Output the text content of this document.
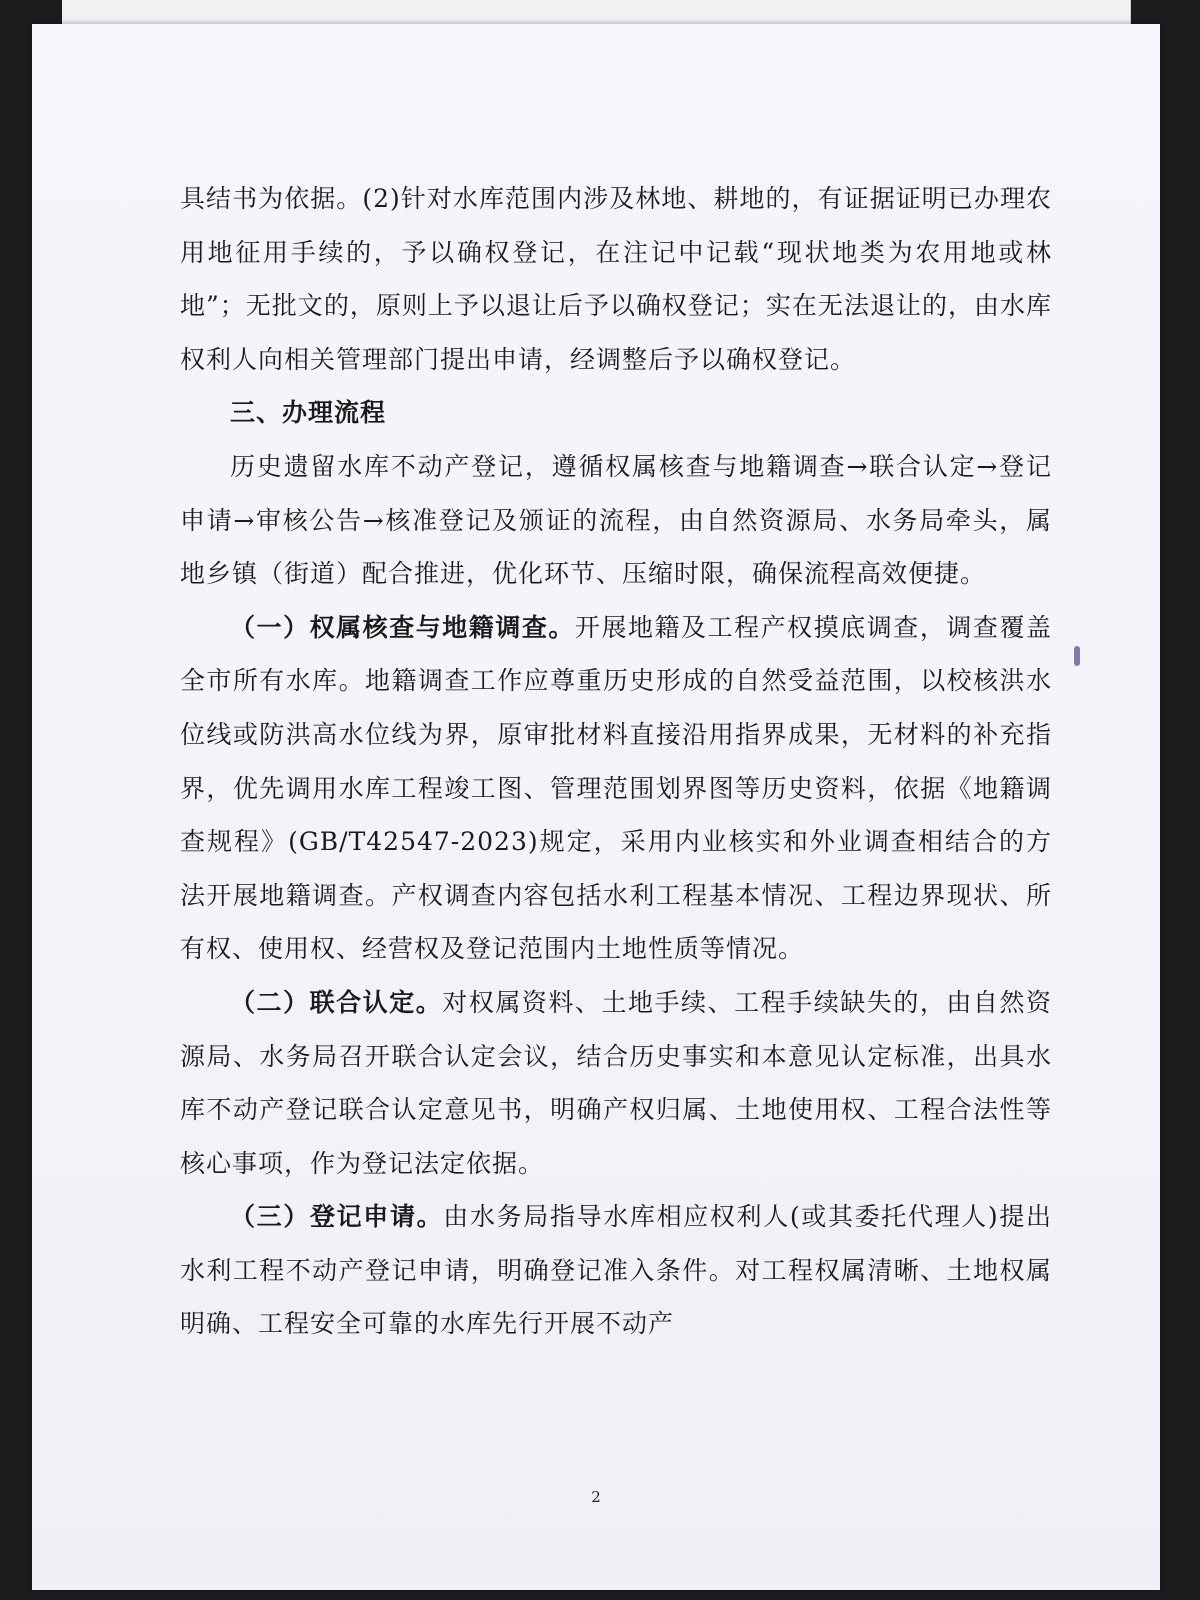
具结书为依据。(2)针对水库范围内涉及林地、耕地的，有证据证明已办理农用地征用手续的，予以确权登记，在注记中记载“现状地类为农用地或林地”；无批文的，原则上予以退让后予以确权登记；实在无法退让的，由水库权利人向相关管理部门提出申请，经调整后予以确权登记。

三、办理流程

历史遗留水库不动产登记，遵循权属核查与地籍调查→联合认定→登记申请→审核公告→核准登记及颁证的流程，由自然资源局、水务局牵头，属地乡镇（街道）配合推进，优化环节、压缩时限，确保流程高效便捷。

（一）权属核查与地籍调查。开展地籍及工程产权摸底调查，调查覆盖全市所有水库。地籍调查工作应尊重历史形成的自然受益范围，以校核洪水位线或防洪高水位线为界，原审批材料直接沿用指界成果，无材料的补充指界，优先调用水库工程竣工图、管理范围划界图等历史资料，依据《地籍调查规程》(GB/T42547-2023)规定，采用内业核实和外业调查相结合的方法开展地籍调查。产权调查内容包括水利工程基本情况、工程边界现状、所有权、使用权、经营权及登记范围内土地性质等情况。

（二）联合认定。对权属资料、土地手续、工程手续缺失的，由自然资源局、水务局召开联合认定会议，结合历史事实和本意见认定标准，出具水库不动产登记联合认定意见书，明确产权归属、土地使用权、工程合法性等核心事项，作为登记法定依据。

（三）登记申请。由水务局指导水库相应权利人(或其委托代理人)提出水利工程不动产登记申请，明确登记准入条件。对工程权属清晰、土地权属明确、工程安全可靠的水库先行开展不动产

2
